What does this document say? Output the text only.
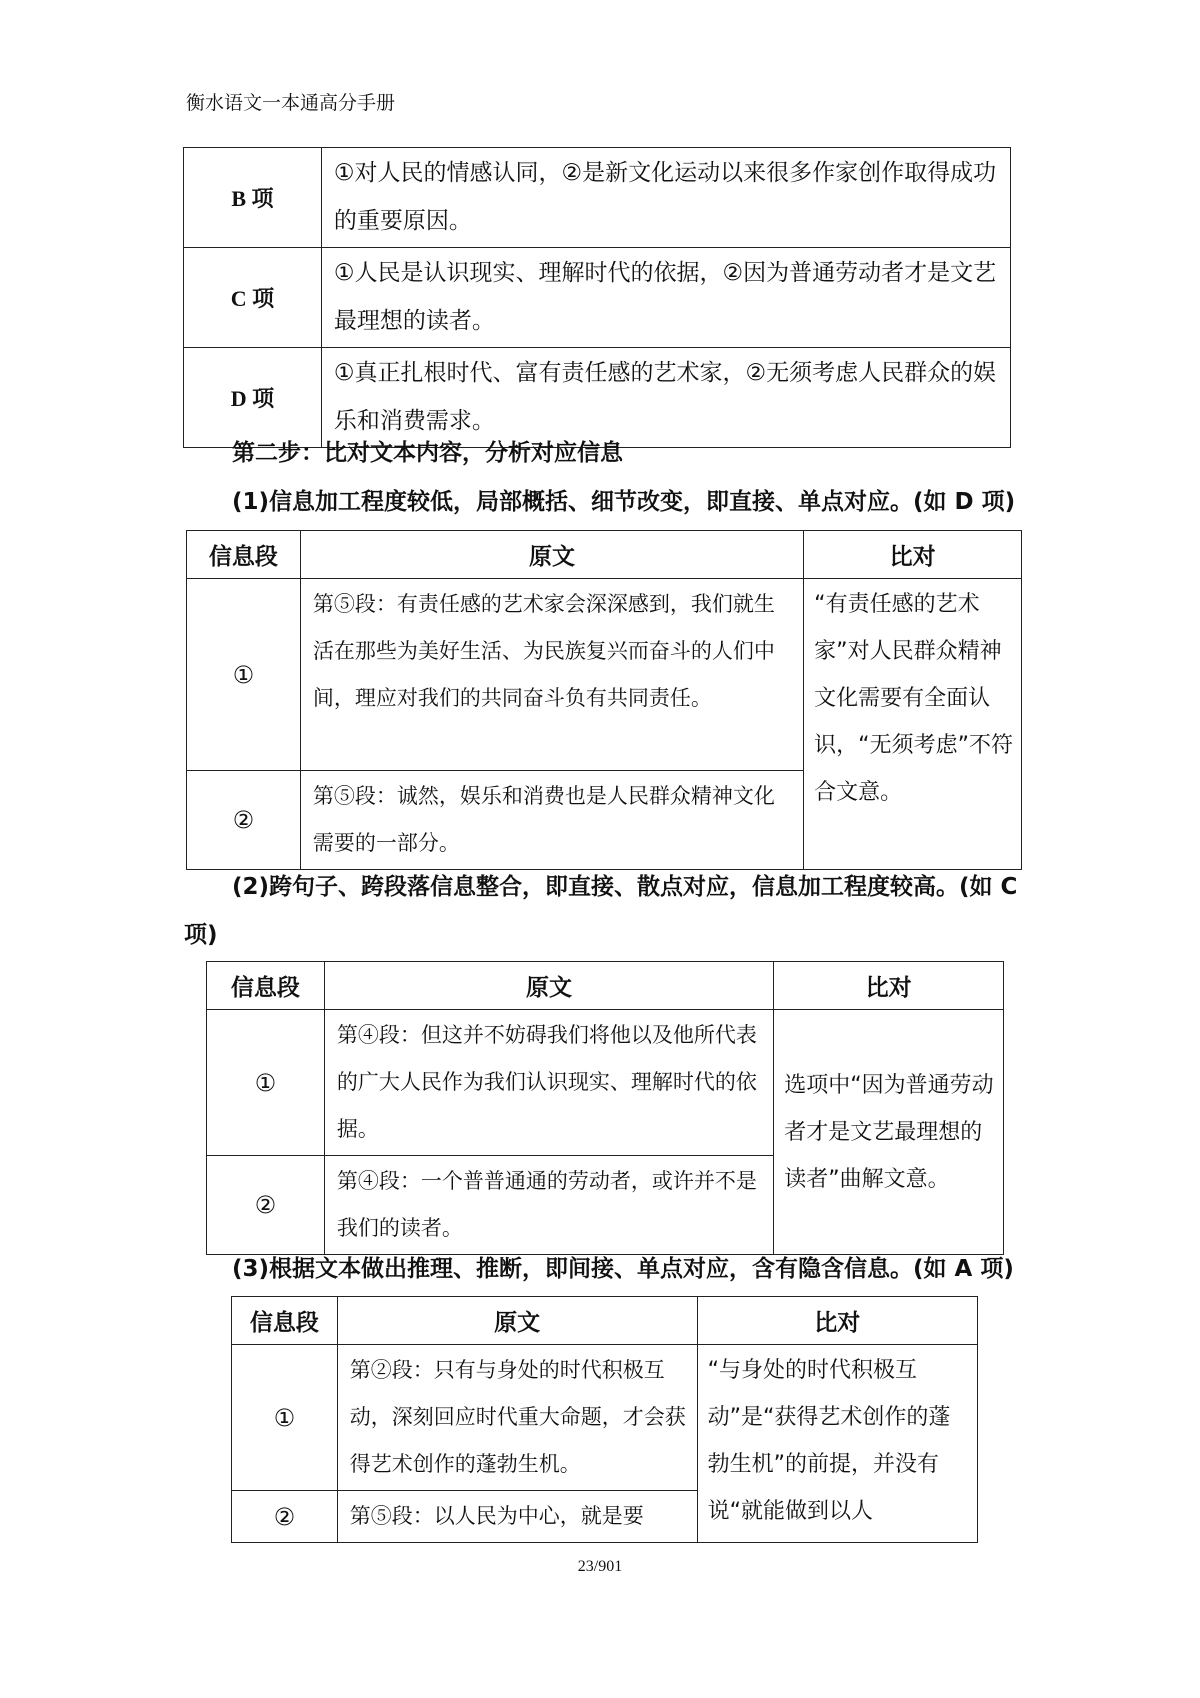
衡水语文一本通高分手册
B 项	①对人民的情感认同，②是新文化运动以来很多作家创作取得成功的重要原因。
C 项	①人民是认识现实、理解时代的依据，②因为普通劳动者才是文艺最理想的读者。
D 项	①真正扎根时代、富有责任感的艺术家，②无须考虑人民群众的娱乐和消费需求。
第二步：比对文本内容，分析对应信息
(1)信息加工程度较低，局部概括、细节改变，即直接、单点对应。(如 D 项)
信息段	原文	比对
①	第⑤段：有责任感的艺术家会深深感到，我们就生活在那些为美好生活、为民族复兴而奋斗的人们中间，理应对我们的共同奋斗负有共同责任。	“有责任感的艺术家”对人民群众精神文化需要有全面认识，“无须考虑”不符合文意。
②	第⑤段：诚然，娱乐和消费也是人民群众精神文化需要的一部分。	
(2)跨句子、跨段落信息整合，即直接、散点对应，信息加工程度较高。(如 C 项)
信息段	原文	比对
①	第④段：但这并不妨碍我们将他以及他所代表的广大人民作为我们认识现实、理解时代的依据。	选项中“因为普通劳动者才是文艺最理想的读者”曲解文意。
②	第④段：一个普普通通的劳动者，或许并不是我们的读者。	
(3)根据文本做出推理、推断，即间接、单点对应，含有隐含信息。(如 A 项)
信息段	原文	比对
①	第②段：只有与身处的时代积极互动，深刻回应时代重大命题，才会获得艺术创作的蓬勃生机。	“与身处的时代积极互动”是“获得艺术创作的蓬勃生机”的前提，并没有说“就能做到以人
②	第⑤段：以人民为中心，就是要	
23/901
